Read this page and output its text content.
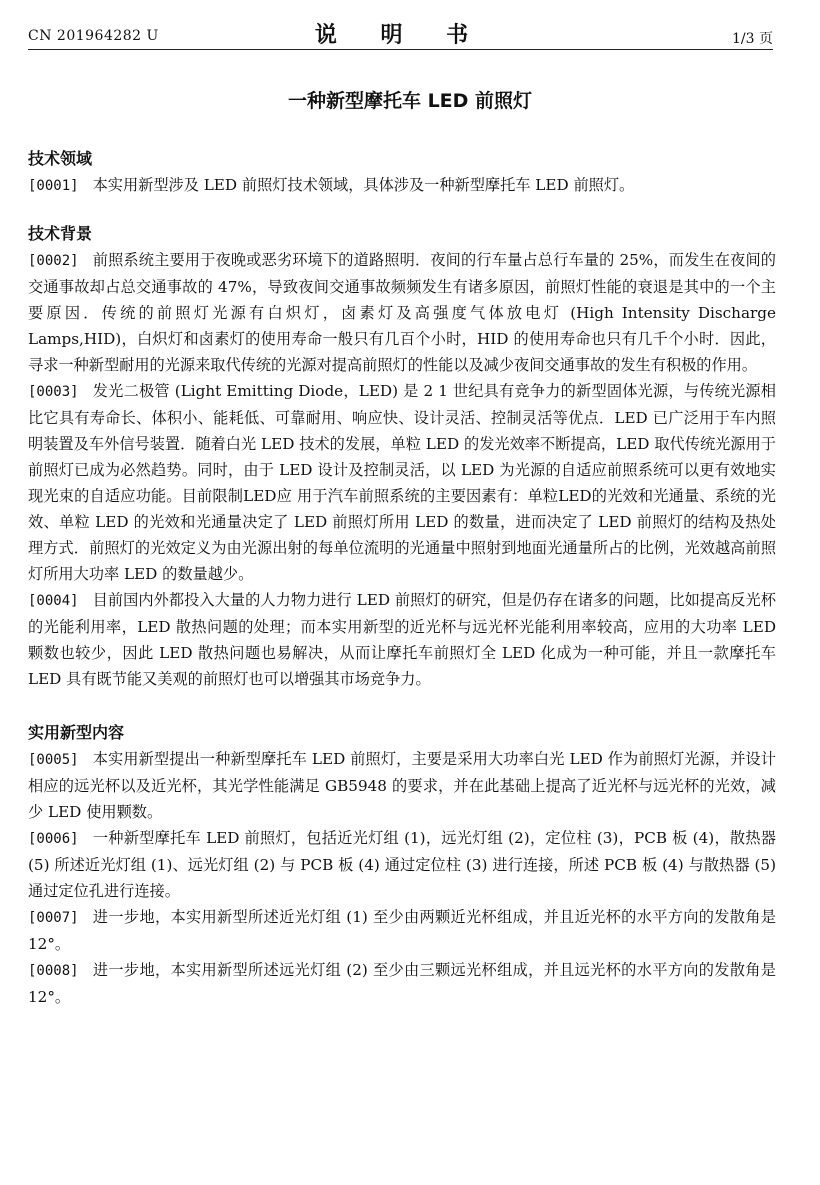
CN 201964282 U	说 明 书	1/3 页
一种新型摩托车 LED 前照灯
技术领域

[0001] 本实用新型涉及 LED 前照灯技术领域，具体涉及一种新型摩托车 LED 前照灯。

技术背景

[0002] 前照系统主要用于夜晚或恶劣环境下的道路照明．夜间的行车量占总行车量的 25%，而发生在夜间的交通事故却占总交通事故的 47%，导致夜间交通事故频频发生有诸多原因，前照灯性能的衰退是其中的一个主要原因．传统的前照灯光源有白炽灯，卤素灯及高强度气体放电灯 (High Intensity Discharge Lamps,HID)，白炽灯和卤素灯的使用寿命一般只有几百个小时，HID 的使用寿命也只有几千个小时．因此，寻求一种新型耐用的光源来取代传统的光源对提高前照灯的性能以及减少夜间交通事故的发生有积极的作用。

[0003] 发光二极管 (Light Emitting Diode，LED) 是 2 1 世纪具有竞争力的新型固体光源，与传统光源相比它具有寿命长、体积小、能耗低、可靠耐用、响应快、设计灵活、控制灵活等优点．LED 已广泛用于车内照明装置及车外信号装置．随着白光 LED 技术的发展，单粒 LED 的发光效率不断提高，LED 取代传统光源用于前照灯已成为必然趋势。同时，由于 LED 设计及控制灵活，以 LED 为光源的自适应前照系统可以更有效地实现光束的自适应功能。目前限制LED应 用于汽车前照系统的主要因素有：单粒LED的光效和光通量、系统的光效、单粒 LED 的光效和光通量决定了 LED 前照灯所用 LED 的数量，进而决定了 LED 前照灯的结构及热处理方式．前照灯的光效定义为由光源出射的每单位流明的光通量中照射到地面光通量所占的比例，光效越高前照灯所用大功率 LED 的数量越少。

[0004] 目前国内外都投入大量的人力物力进行 LED 前照灯的研究，但是仍存在诸多的问题，比如提高反光杯的光能利用率，LED 散热问题的处理；而本实用新型的近光杯与远光杯光能利用率较高，应用的大功率 LED 颗数也较少，因此 LED 散热问题也易解决，从而让摩托车前照灯全 LED 化成为一种可能，并且一款摩托车 LED 具有既节能又美观的前照灯也可以增强其市场竞争力。

实用新型内容

[0005] 本实用新型提出一种新型摩托车 LED 前照灯，主要是采用大功率白光 LED 作为前照灯光源，并设计相应的远光杯以及近光杯，其光学性能满足 GB5948 的要求，并在此基础上提高了近光杯与远光杯的光效，减少 LED 使用颗数。

[0006] 一种新型摩托车 LED 前照灯，包括近光灯组 (1)，远光灯组 (2)，定位柱 (3)，PCB 板 (4)，散热器 (5) 所述近光灯组 (1)、远光灯组 (2) 与 PCB 板 (4) 通过定位柱 (3) 进行连接，所述 PCB 板 (4) 与散热器 (5) 通过定位孔进行连接。

[0007] 进一步地，本实用新型所述近光灯组 (1) 至少由两颗近光杯组成，并且近光杯的水平方向的发散角是 12°。

[0008] 进一步地，本实用新型所述远光灯组 (2) 至少由三颗远光杯组成，并且远光杯的水平方向的发散角是 12°。
